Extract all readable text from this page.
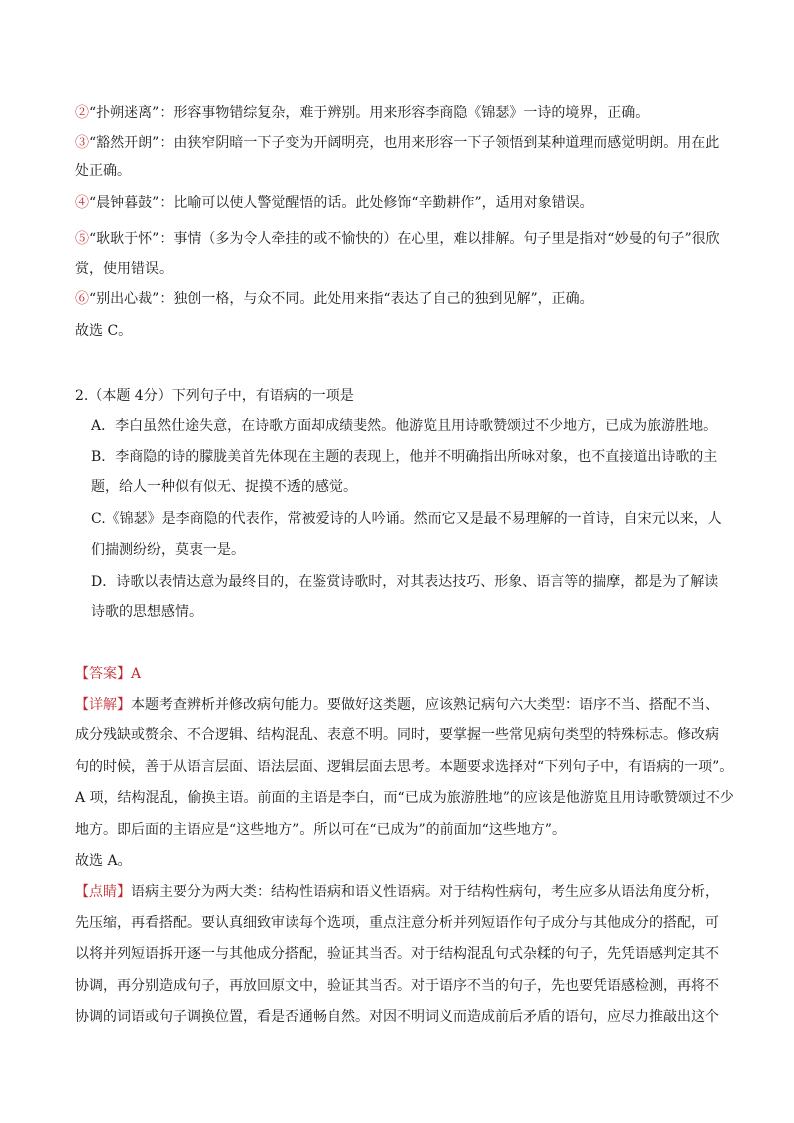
②“扑朔迷离”：形容事物错综复杂，难于辨别。用来形容李商隐《锦瑟》一诗的境界，正确。
③“豁然开朗”：由狭窄阴暗一下子变为开阔明亮，也用来形容一下子领悟到某种道理而感觉明朗。用在此
处正确。
④“晨钟暮鼓”：比喻可以使人警觉醒悟的话。此处修饰“辛勤耕作”，适用对象错误。
⑤“耿耿于怀”：事情（多为令人牵挂的或不愉快的）在心里，难以排解。句子里是指对“妙曼的句子”很欣
赏，使用错误。
⑥“别出心裁”：独创一格，与众不同。此处用来指“表达了自己的独到见解”，正确。
故选 C。
2.（本题 4分）下列句子中，有语病的一项是
A．李白虽然仕途失意，在诗歌方面却成绩斐然。他游览且用诗歌赞颂过不少地方，已成为旅游胜地。
B．李商隐的诗的朦胧美首先体现在主题的表现上，他并不明确指出所咏对象，也不直接道出诗歌的主
题，给人一种似有似无、捉摸不透的感觉。
C.《锦瑟》是李商隐的代表作，常被爱诗的人吟诵。然而它又是最不易理解的一首诗，自宋元以来，人
们揣测纷纷，莫衷一是。
D．诗歌以表情达意为最终目的，在鉴赏诗歌时，对其表达技巧、形象、语言等的揣摩，都是为了解读
诗歌的思想感情。
【答案】A
【详解】本题考查辨析并修改病句能力。要做好这类题，应该熟记病句六大类型：语序不当、搭配不当、
成分残缺或赘余、不合逻辑、结构混乱、表意不明。同时，要掌握一些常见病句类型的特殊标志。修改病
句的时候，善于从语言层面、语法层面、逻辑层面去思考。本题要求选择对“下列句子中，有语病的一项”。
A 项，结构混乱，偷换主语。前面的主语是李白，而“已成为旅游胜地”的应该是他游览且用诗歌赞颂过不少
地方。即后面的主语应是“这些地方”。所以可在“已成为”的前面加“这些地方”。
故选 A。
【点睛】语病主要分为两大类：结构性语病和语义性语病。对于结构性病句，考生应多从语法角度分析，
先压缩，再看搭配。要认真细致审读每个选项，重点注意分析并列短语作句子成分与其他成分的搭配，可
以将并列短语拆开逐一与其他成分搭配，验证其当否。对于结构混乱句式杂糅的句子，先凭语感判定其不
协调，再分别造成句子，再放回原文中，验证其当否。对于语序不当的句子，先也要凭语感检测，再将不
协调的词语或句子调换位置，看是否通畅自然。对因不明词义而造成前后矛盾的语句，应尽力推敲出这个
